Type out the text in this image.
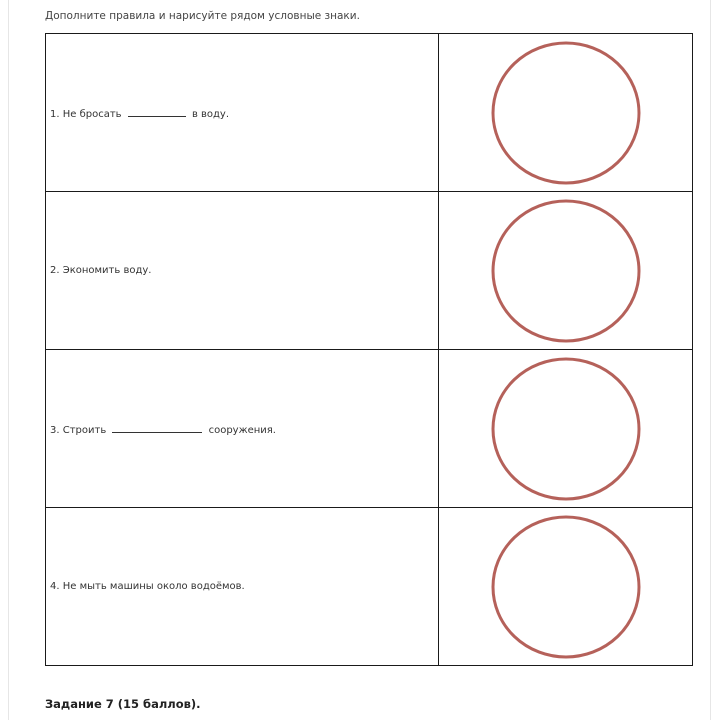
Дополните правила и нарисуйте рядом условные знаки.
1. Не бросать в воду.	

2. Экономить воду.	

3. Строить сооружения.	

4. Не мыть машины около водоёмов.	
Задание 7 (15 баллов).
